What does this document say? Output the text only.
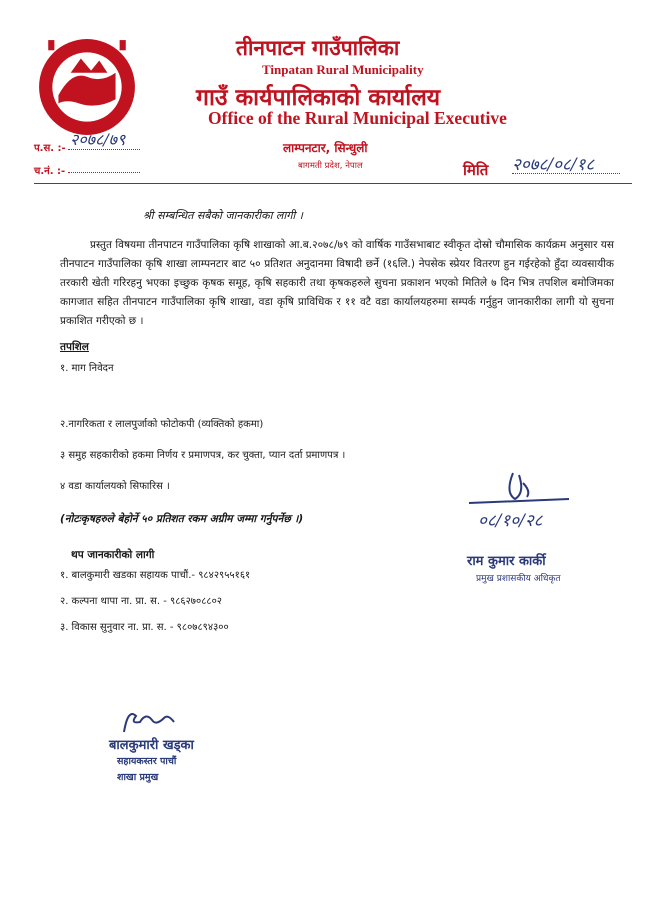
तीनपाटन गाउँपालिका
Tinpatan Rural Municipality
गाउँ कार्यपालिकाको कार्यालय
Office of the Rural Municipal Executive
लाम्पनटार, सिन्धुली
बागमती प्रदेश, नेपाल
प.स. :- २०७८/७९
च.नं. :-	मिति २०७८/०८/१८
श्री सम्बन्धित सबैको जानकारीका लागी ।
प्रस्तुत विषयमा तीनपाटन गाउँपालिका कृषि शाखाको आ.ब.२०७८/७९ को वार्षिक गाउँसभाबाट स्वीकृत दोस्रो चौमासिक कार्यक्रम अनुसार यस तीनपाटन गाउँपालिका कृषि शाखा लाम्पनटार बाट ५० प्रतिशत अनुदानमा विषादी छर्ने (१६लि.) नेपसेक स्प्रेयर वितरण हुन गईरहेको हुँदा व्यवसायीक तरकारी खेती गरिरहनु भएका इच्छुक कृषक समूह, कृषि सहकारी तथा कृषकहरुले सुचना प्रकाशन भएको मितिले ७ दिन भित्र तपशिल बमोजिमका कागजात सहित तीनपाटन गाउँपालिका कृषि शाखा, वडा कृषि प्राविधिक र ११ वटै वडा कार्यालयहरुमा सम्पर्क गर्नुहुन जानकारीका लागी यो सुचना प्रकाशित गरीएको छ ।
तपशिल
१. माग निवेदन
२.नागरिकता र लालपुर्जाको फोटोकपी (व्यक्तिको हकमा)
३ समुह सहकारीको हकमा निर्णय र प्रमाणपत्र, कर चुक्ता, प्यान दर्ता प्रमाणपत्र ।
४ वडा कार्यालयको सिफारिस ।
(नोटःकृषहरुले बेहोर्ने ५० प्रतिशत रकम अग्रीम जम्मा गर्नुपर्नेछ ।)
थप जानकारीको लागी
१. बालकुमारी खडका सहायक पाचौं.- ९८४२९५५१६१
२. कल्पना थापा ना. प्रा. स. - ९८६२७०८८०२
३. विकास सुनुवार ना. प्रा. स. - ९८०७८९४३००
०८/१०/२८
राम कुमार कार्की
प्रमुख प्रशासकीय अधिकृत
बालकुमारी खड्का
सहायकस्तर पाचौं
शाखा प्रमुख
